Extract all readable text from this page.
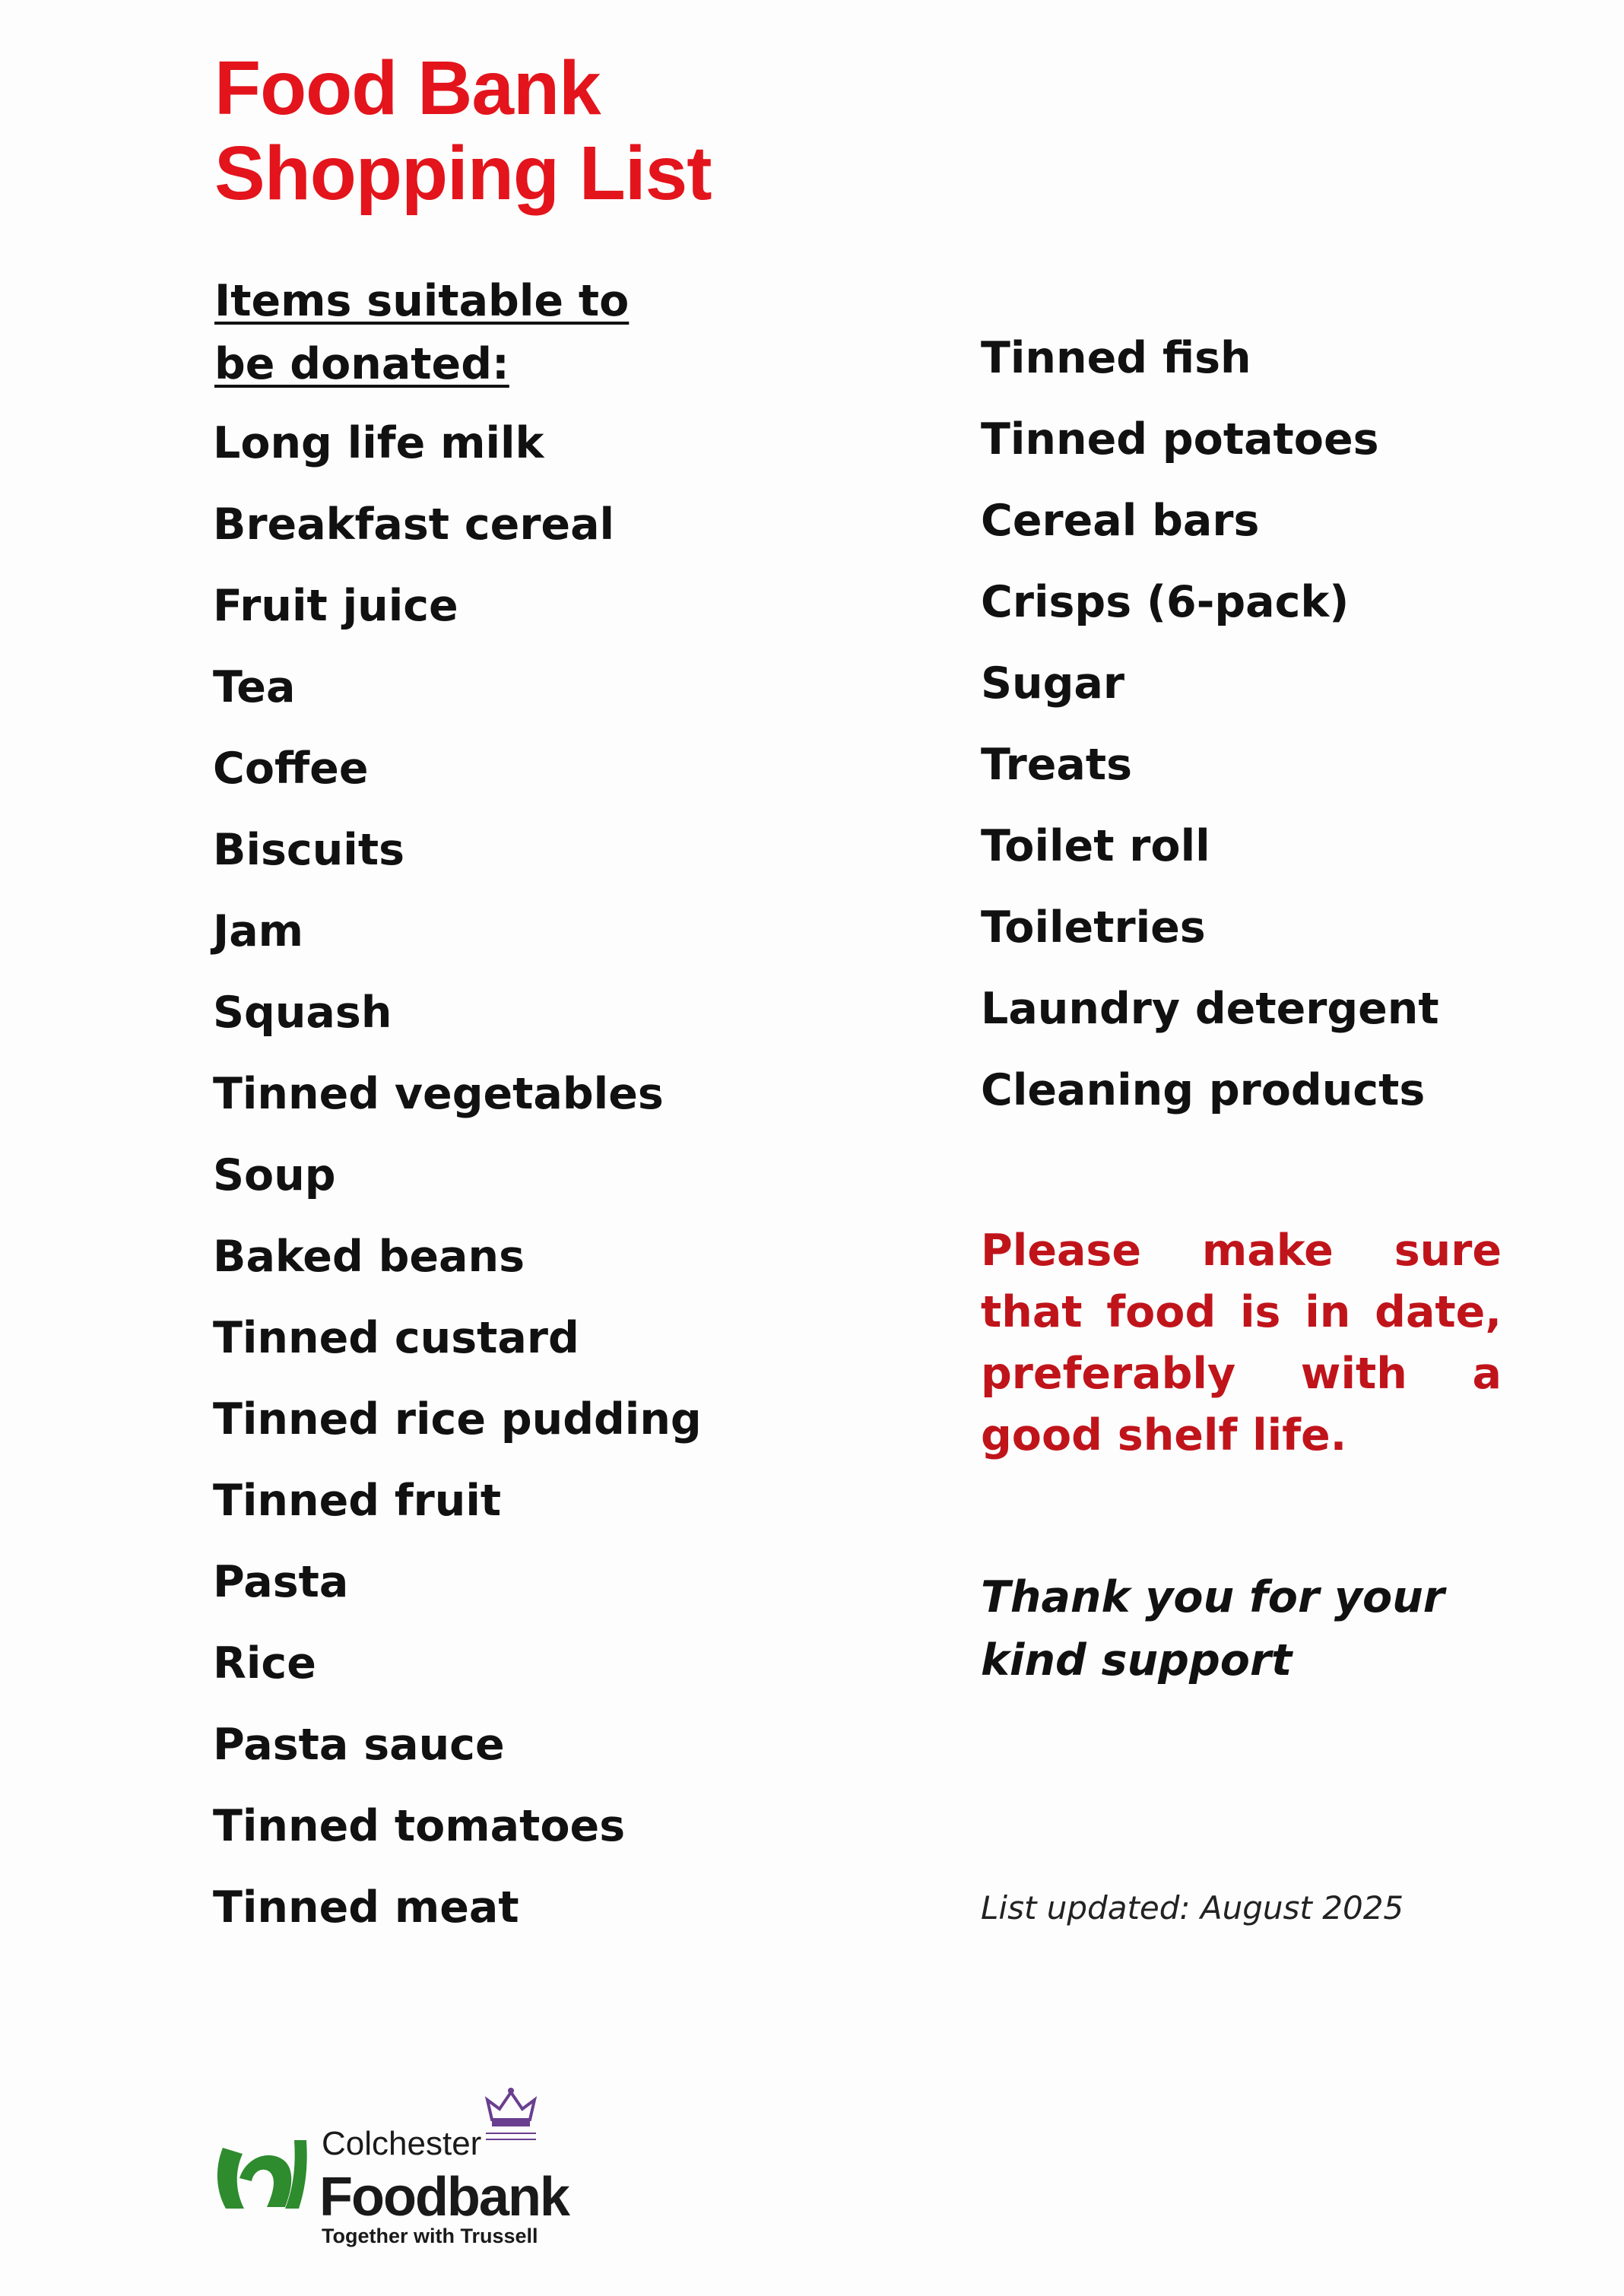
Food Bank
Shopping List

Items suitable to be donated:

Long life milk
Breakfast cereal
Fruit juice
Tea
Coffee
Biscuits
Jam
Squash
Tinned vegetables
Soup
Baked beans
Tinned custard
Tinned rice pudding
Tinned fruit
Pasta
Rice
Pasta sauce
Tinned tomatoes
Tinned meat
Tinned fish
Tinned potatoes
Cereal bars
Crisps (6-pack)
Sugar
Treats
Toilet roll
Toiletries
Laundry detergent
Cleaning products

Please make sure that food is in date, preferably with a good shelf life.

Thank you for your
kind support

List updated: August 2025

Colchester

Foodbank

Together with Trussell
